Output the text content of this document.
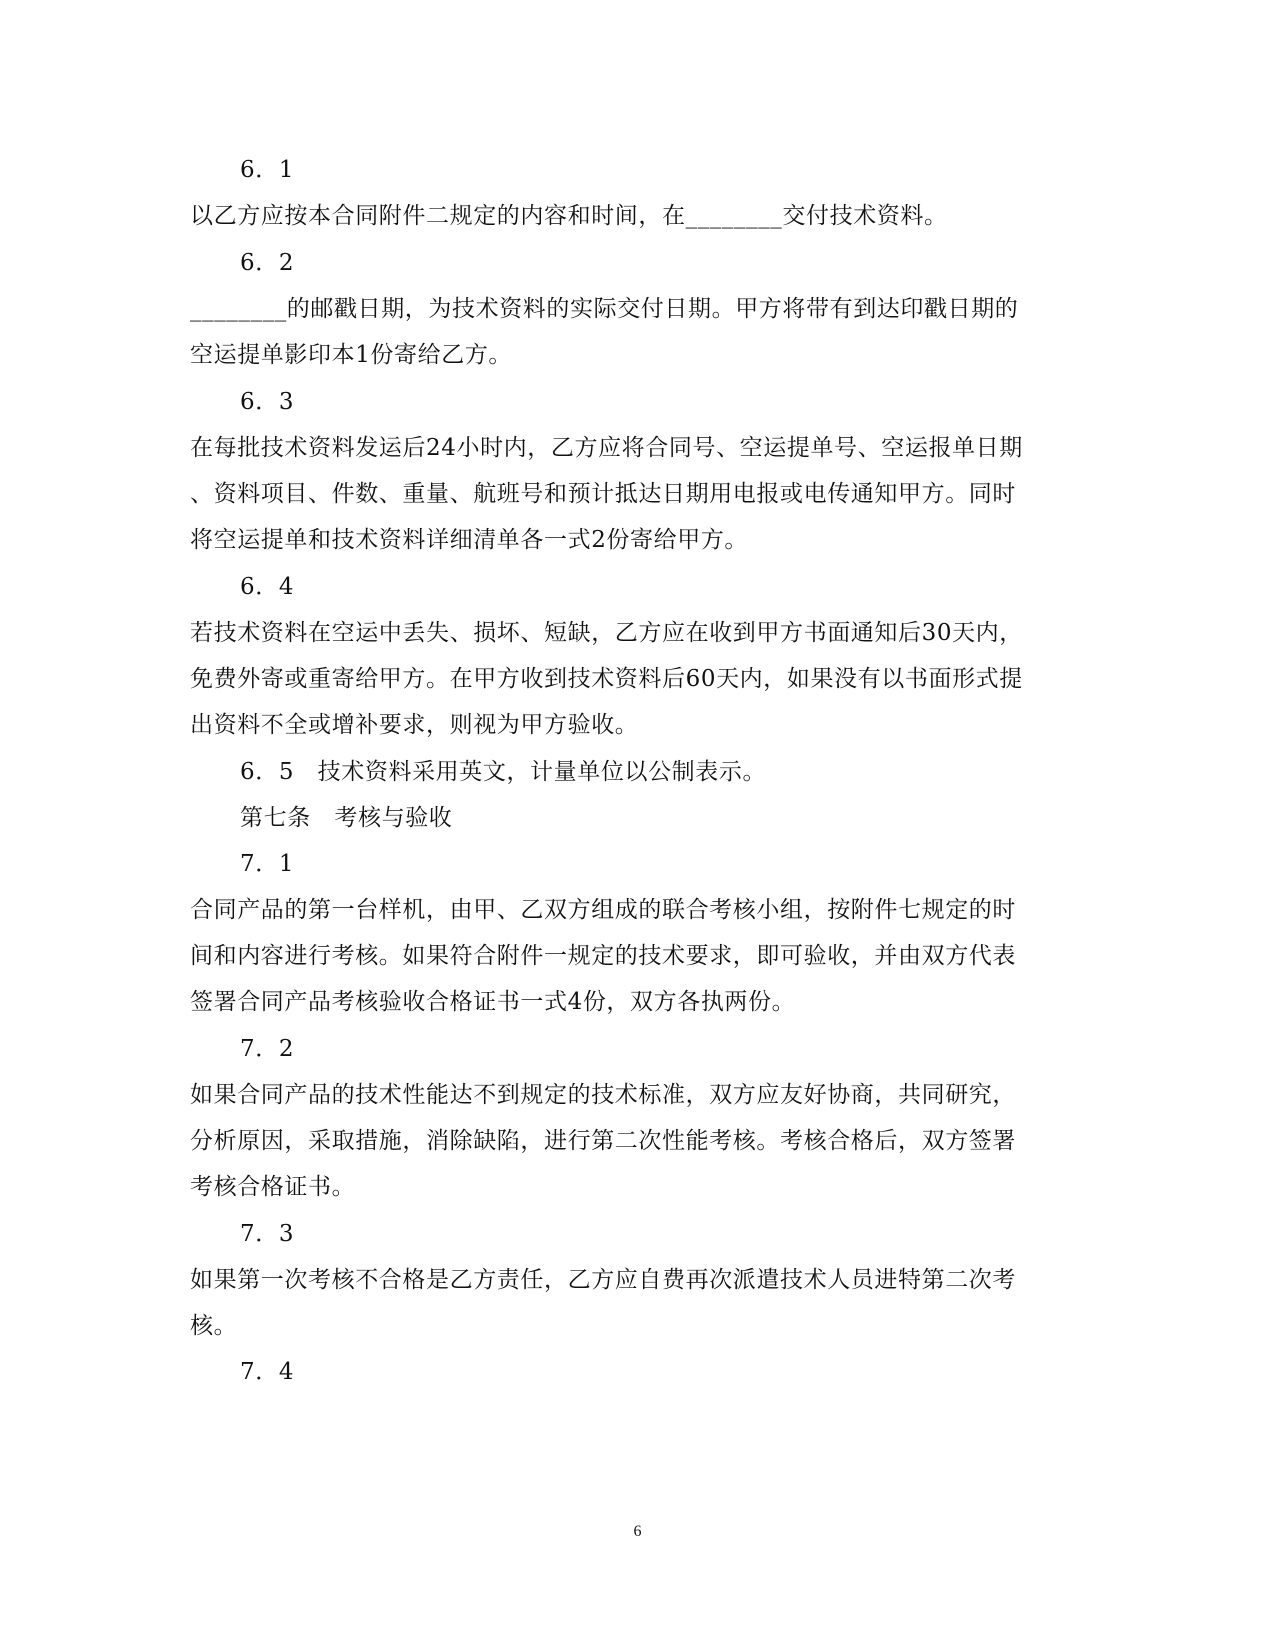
6．1
以乙方应按本合同附件二规定的内容和时间，在________交付技术资料。
6．2
________的邮戳日期，为技术资料的实际交付日期。甲方将带有到达印戳日期的
空运提单影印本1份寄给乙方。
6．3
在每批技术资料发运后24小时内，乙方应将合同号、空运提单号、空运报单日期
、资料项目、件数、重量、航班号和预计抵达日期用电报或电传通知甲方。同时
将空运提单和技术资料详细清单各一式2份寄给甲方。
6．4
若技术资料在空运中丢失、损坏、短缺，乙方应在收到甲方书面通知后30天内，
免费外寄或重寄给甲方。在甲方收到技术资料后60天内，如果没有以书面形式提
出资料不全或增补要求，则视为甲方验收。
6．5　技术资料采用英文，计量单位以公制表示。
第七条　考核与验收
7．1
合同产品的第一台样机，由甲、乙双方组成的联合考核小组，按附件七规定的时
间和内容进行考核。如果符合附件一规定的技术要求，即可验收，并由双方代表
签署合同产品考核验收合格证书一式4份，双方各执两份。
7．2
如果合同产品的技术性能达不到规定的技术标准，双方应友好协商，共同研究，
分析原因，采取措施，消除缺陷，进行第二次性能考核。考核合格后，双方签署
考核合格证书。
7．3
如果第一次考核不合格是乙方责任，乙方应自费再次派遣技术人员进特第二次考
核。
7．4
6
